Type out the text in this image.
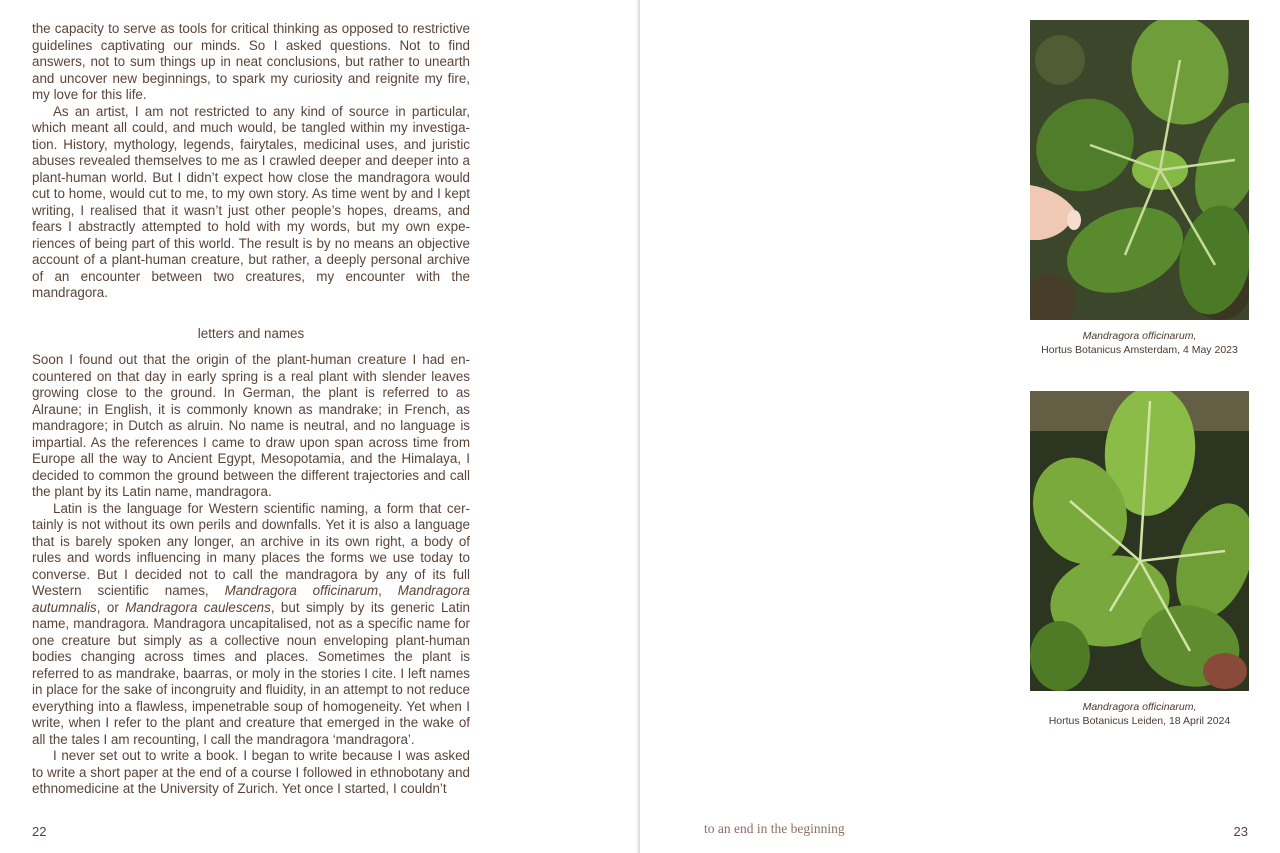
the capacity to serve as tools for critical thinking as opposed to restrictive guidelines captivating our minds. So I asked questions. Not to find answers, not to sum things up in neat conclusions, but rather to unearth and uncover new beginnings, to spark my curiosity and reignite my fire, my love for this life.

As an artist, I am not restricted to any kind of source in particular, which meant all could, and much would, be tangled within my investigation. History, mythology, legends, fairytales, medicinal uses, and juristic abuses revealed themselves to me as I crawled deeper and deeper into a plant-human world. But I didn’t expect how close the mandragora would cut to home, would cut to me, to my own story. As time went by and I kept writing, I realised that it wasn’t just other people’s hopes, dreams, and fears I abstractly attempted to hold with my words, but my own experiences of being part of this world. The result is by no means an objective account of a plant-human creature, but rather, a deeply personal archive of an encounter between two creatures, my encounter with the mandragora.

letters and names

Soon I found out that the origin of the plant-human creature I had encountered on that day in early spring is a real plant with slender leaves growing close to the ground. In German, the plant is referred to as Alraune; in English, it is commonly known as mandrake; in French, as mandragore; in Dutch as alruin. No name is neutral, and no language is impartial. As the references I came to draw upon span across time from Europe all the way to Ancient Egypt, Mesopotamia, and the Himalaya, I decided to common the ground between the different trajectories and call the plant by its Latin name, mandragora.

Latin is the language for Western scientific naming, a form that certainly is not without its own perils and downfalls. Yet it is also a language that is barely spoken any longer, an archive in its own right, a body of rules and words influencing in many places the forms we use today to converse. But I decided not to call the mandragora by any of its full Western scientific names, Mandragora officinarum, Mandragora autumnalis, or Mandragora caulescens, but simply by its generic Latin name, mandragora. Mandragora uncapitalised, not as a specific name for one creature but simply as a collective noun enveloping plant-human bodies changing across times and places. Sometimes the plant is referred to as mandrake, baarras, or moly in the stories I cite. I left names in place for the sake of incongruity and fluidity, in an attempt to not reduce everything into a flawless, impenetrable soup of homogeneity. Yet when I write, when I refer to the plant and creature that emerged in the wake of all the tales I am recounting, I call the mandragora ‘mandragora’.

I never set out to write a book. I began to write because I was asked to write a short paper at the end of a course I followed in ethnobotany and ethnomedicine at the University of Zurich. Yet once I started, I couldn’t

22
Mandragora officinarum,
Hortus Botanicus Amsterdam, 4 May 2023
Mandragora officinarum,
Hortus Botanicus Leiden, 18 April 2024
to an end in the beginning	23
